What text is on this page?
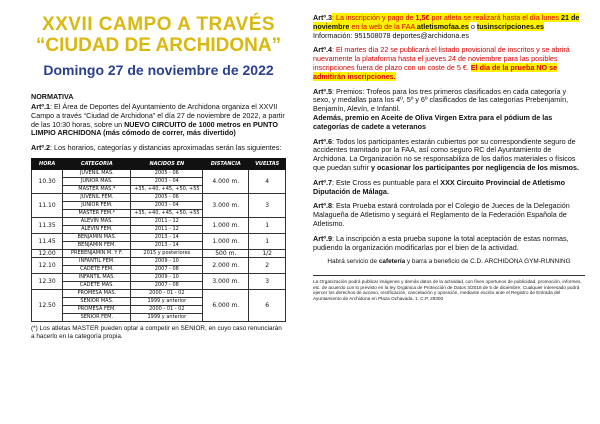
XXVII CAMPO A TRAVÉS
“CIUDAD DE ARCHIDONA”
Domingo 27 de noviembre de 2022
NORMATIVA

Artº.1: El Área de Deportes del Ayuntamiento de Archidona organiza el XXVII Campo a través “Ciudad de Archidona” el día 27 de noviembre de 2022, a partir de las 10:30 horas, sobre un NUEVO CIRCUITO de 1000 metros en PUNTO LIMPIO ARCHIDONA (más cómodo de correr, más divertido)

Artº.2: Los horarios, categorías y distancias aproximadas serán las siguientes:

HORA	CATEGORIA	NACIDOS EN	DISTANCIA	VUELTAS
10.30	JUVENIL MAS.	2005 - 06	4.000 m.	4
	JUNIOR MAS.	2003 - 04		
	MASTER MAS.*	+35, +40, +45, +50, +55		
11.10	JUVENIL FEM.	2005 - 06	3.000 m.	3
	JUNIOR FEM.	2003 - 04		
	MASTER FEM.*	+35, +40, +45, +50, +55		
11.35	ALEVIN MAS.	2011 - 12	1.000 m.	1
	ALEVIN FEM.	2011 - 12		
11.45	BENJAMIN MAS.	2013 - 14	1.000 m.	1
	BENJAMIN FEM.	2013 - 14		
12.00	PREBENJAMIN M. Y F.	2015 y posteriores	500 m.	1/2
12.10	INFANTIL FEM.	2009 - 10	2.000 m.	2
	CADETE FEM.	2007 - 08		
12.30	INFANTIL MAS.	2009 - 10	3.000 m.	3
	CADETE MAS.	2007 - 08		
12.50	PROMESA MAS.	2000 - 01 - 02	6.000 m.	6
	SENIOR MAS.	1999 y anterior		
	PROMESA FEM.	2000 - 01 - 02		
	SENIOR FEM.	1999 y anterior		

(*) Los atletas MASTER pueden optar a competir en SENIOR, en cuyo caso renunciarán a hacerlo en la categoría propia.

Artº.3: La inscripción y pago de 1,5€ por atleta se realizará hasta el día lunes 21 de noviembre en la web de la FAA atletismofaa.es o tusinscripciones.es Información: 951508078 deportes@archidona.es

Artº.4: El martes día 22 se publicará el listado provisional de inscritos y se abrirá nuevamente la plataforma hasta el jueves 24 de noviembre para las posibles inscripciones fuera de plazo con un coste de 5 €. El día de la prueba NO se admitirán inscripciones.

Artº.5: Premios: Trofeos para los tres primeros clasificados en cada categoría y sexo, y medallas para los 4º, 5º y 6º clasificados de las categorías Prebenjamín, Benjamín, Alevín, e Infantil.
Además, premio en Aceite de Oliva Virgen Extra para el pódium de las categorías de cadete a veteranos

Artº.6: Todos los participantes estarán cubiertos por su correspondiente seguro de accidentes tramitado por la FAA, así como seguro RC del Ayuntamiento de Archidona. La Organización no se responsabiliza de los daños materiales o físicos que puedan sufrir y ocasionar los participantes por negligencia de los mismos.

Artº.7: Este Cross es puntuable para el XXX Circuito Provincial de Atletismo Diputación de Málaga.

Artº.8: Esta Prueba estará controlada por el Colegio de Jueces de la Delegación Malagueña de Atletismo y seguirá el Reglamento de la Federación Española de Atletismo.

Artº.9: La inscripción a esta prueba supone la total aceptación de estas normas, pudiendo la organización modificarlas por el bien de la actividad.

Habrá servicio de cafetería y barra a beneficio de C.D. ARCHIDONA GYM-RUNNING

La Organización podrá publicar imágenes y demás datos de la actividad, con fines oportunos de publicidad, promoción, informes, etc. de acuerdo con lo previsto en la ley Orgánica de Protección de Datos 3/2018 de 5 de diciembre. Cualquier interesado podrá ejercer los derechos de acceso, rectificación, cancelación y oposición, mediante escrito ante el Registro de Entrada del Ayuntamiento de Archidona en Plaza Ochavada, 1. C.P. 29300
